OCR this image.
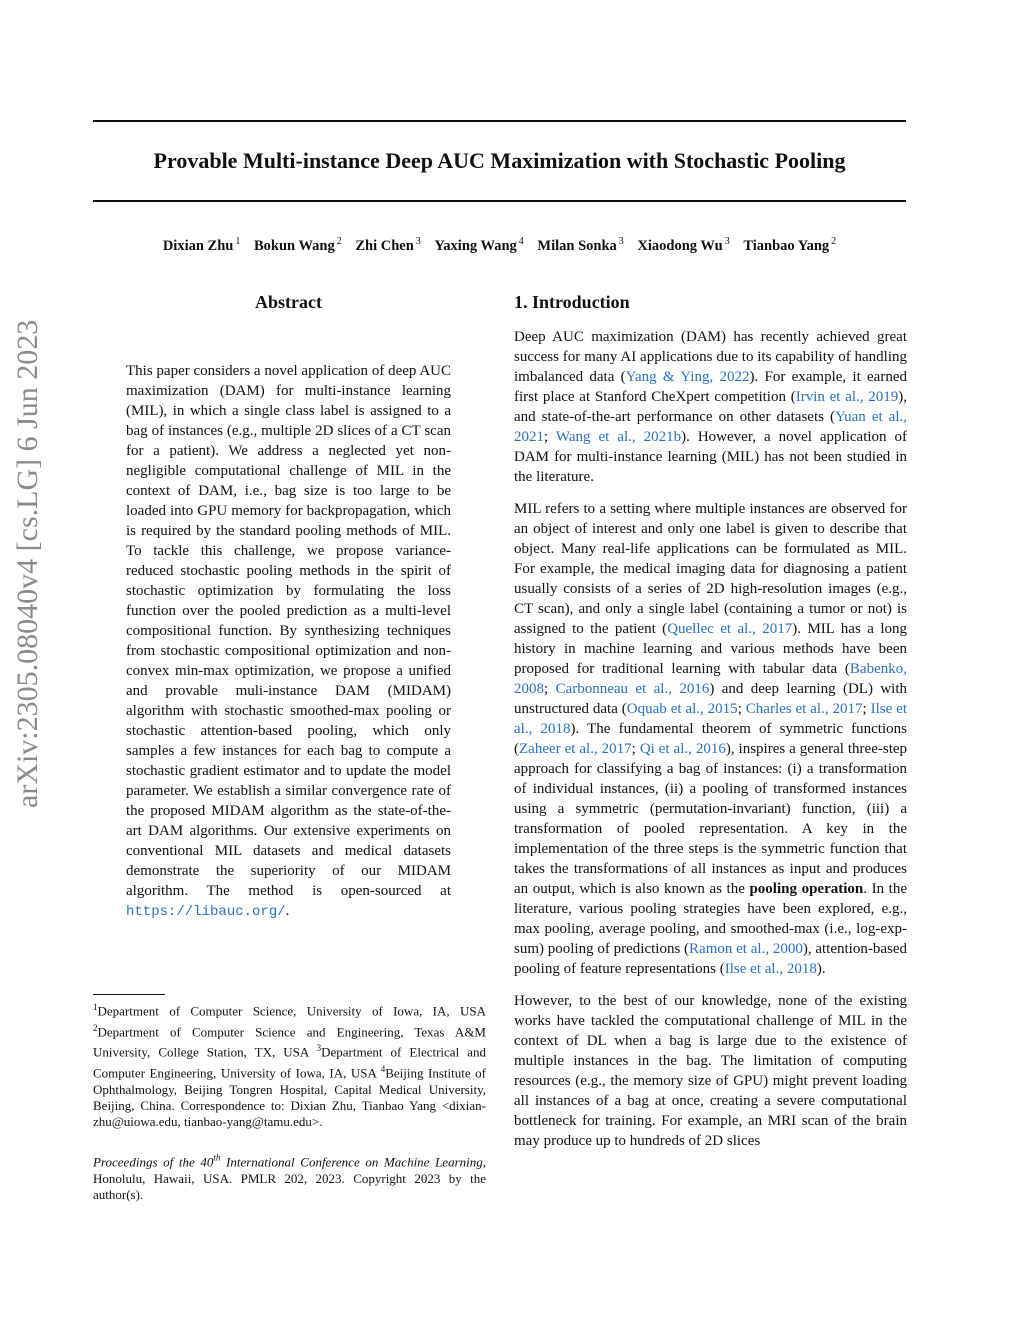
Provable Multi-instance Deep AUC Maximization with Stochastic Pooling
Dixian Zhu $^1$ Bokun Wang $^2$ Zhi Chen $^3$ Yaxing Wang $^4$ Milan Sonka $^3$ Xiaodong Wu $^3$ Tianbao Yang $^2$
arXiv:2305.08040v4 [cs.LG] 6 Jun 2023
Abstract
This paper considers a novel application of deep AUC maximization (DAM) for multi-instance learning (MIL), in which a single class label is assigned to a bag of instances (e.g., multiple 2D slices of a CT scan for a patient). We address a neglected yet non-negligible computational challenge of MIL in the context of DAM, i.e., bag size is too large to be loaded into GPU memory for backpropagation, which is required by the standard pooling methods of MIL. To tackle this challenge, we propose variance-reduced stochastic pooling methods in the spirit of stochastic optimization by formulating the loss function over the pooled prediction as a multi-level compositional function. By synthesizing techniques from stochastic compositional optimization and non-convex min-max optimization, we propose a unified and provable muli-instance DAM (MIDAM) algorithm with stochastic smoothed-max pooling or stochastic attention-based pooling, which only samples a few instances for each bag to compute a stochastic gradient estimator and to update the model parameter. We establish a similar convergence rate of the proposed MIDAM algorithm as the state-of-the-art DAM algorithms. Our extensive experiments on conventional MIL datasets and medical datasets demonstrate the superiority of our MIDAM algorithm. The method is open-sourced at https://libauc.org/.
$^1$Department of Computer Science, University of Iowa, IA, USA $^2$Department of Computer Science and Engineering, Texas A&M University, College Station, TX, USA $^3$Department of Electrical and Computer Engineering, University of Iowa, IA, USA $^4$Beijing Institute of Ophthalmology, Beijing Tongren Hospital, Capital Medical University, Beijing, China. Correspondence to: Dixian Zhu, Tianbao Yang <dixian-zhu@uiowa.edu, tianbao-yang@tamu.edu>.
Proceedings of the 40th International Conference on Machine Learning, Honolulu, Hawaii, USA. PMLR 202, 2023. Copyright 2023 by the author(s).
1. Introduction

Deep AUC maximization (DAM) has recently achieved great success for many AI applications due to its capability of handling imbalanced data (Yang & Ying, 2022). For example, it earned first place at Stanford CheXpert competition (Irvin et al., 2019), and state-of-the-art performance on other datasets (Yuan et al., 2021; Wang et al., 2021b). However, a novel application of DAM for multi-instance learning (MIL) has not been studied in the literature.

MIL refers to a setting where multiple instances are observed for an object of interest and only one label is given to describe that object. Many real-life applications can be formulated as MIL. For example, the medical imaging data for diagnosing a patient usually consists of a series of 2D high-resolution images (e.g., CT scan), and only a single label (containing a tumor or not) is assigned to the patient (Quellec et al., 2017). MIL has a long history in machine learning and various methods have been proposed for traditional learning with tabular data (Babenko, 2008; Carbonneau et al., 2016) and deep learning (DL) with unstructured data (Oquab et al., 2015; Charles et al., 2017; Ilse et al., 2018). The fundamental theorem of symmetric functions (Zaheer et al., 2017; Qi et al., 2016), inspires a general three-step approach for classifying a bag of instances: (i) a transformation of individual instances, (ii) a pooling of transformed instances using a symmetric (permutation-invariant) function, (iii) a transformation of pooled representation. A key in the implementation of the three steps is the symmetric function that takes the transformations of all instances as input and produces an output, which is also known as the pooling operation. In the literature, various pooling strategies have been explored, e.g., max pooling, average pooling, and smoothed-max (i.e., log-exp-sum) pooling of predictions (Ramon et al., 2000), attention-based pooling of feature representations (Ilse et al., 2018).

However, to the best of our knowledge, none of the existing works have tackled the computational challenge of MIL in the context of DL when a bag is large due to the existence of multiple instances in the bag. The limitation of computing resources (e.g., the memory size of GPU) might prevent loading all instances of a bag at once, creating a severe computational bottleneck for training. For example, an MRI scan of the brain may produce up to hundreds of 2D slices
